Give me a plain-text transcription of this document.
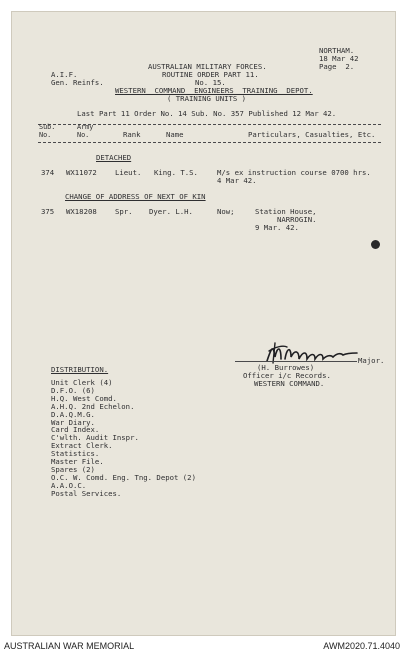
NORTHAM.
18 Mar 42
Page  2.
A.I.F.
Gen. Reinfs.
AUSTRALIAN MILITARY FORCES.
ROUTINE ORDER PART 11.
No. 15.
WESTERN  COMMAND  ENGINEERS  TRAINING  DEPOT.
( TRAINING UNITS )
Last Part 11 Order No. 14 Sub. No. 357 Published 12 Mar 42.
Sub.
No.
Army
No.	Rank	Name	Particulars, Casualties, Etc.
DETACHED
374 WX11072 Lieut. King. T.S.	M/s ex instruction course 0700 hrs.
4 Mar 42.
CHANGE OF ADDRESS OF NEXT OF KIN
375 WX18208 Spr. Dyer. L.H.	Now;	Station House,
NARROGIN.
9 Mar. 42.
Major.
(H. Burrowes)
Officer i/c Records.
WESTERN COMMAND.
DISTRIBUTION.
Unit Clerk (4)
D.F.O. (6)
H.Q. West Comd.
A.H.Q. 2nd Echelon.
D.A.Q.M.G.
War Diary.
Card Index.
C'wlth. Audit Inspr.
Extract Clerk.
Statistics.
Master File.
Spares (2)
O.C. W. Comd. Eng. Tng. Depot (2)
A.A.O.C.
Postal Services.
AUSTRALIAN WAR MEMORIAL	AWM2020.71.4040
